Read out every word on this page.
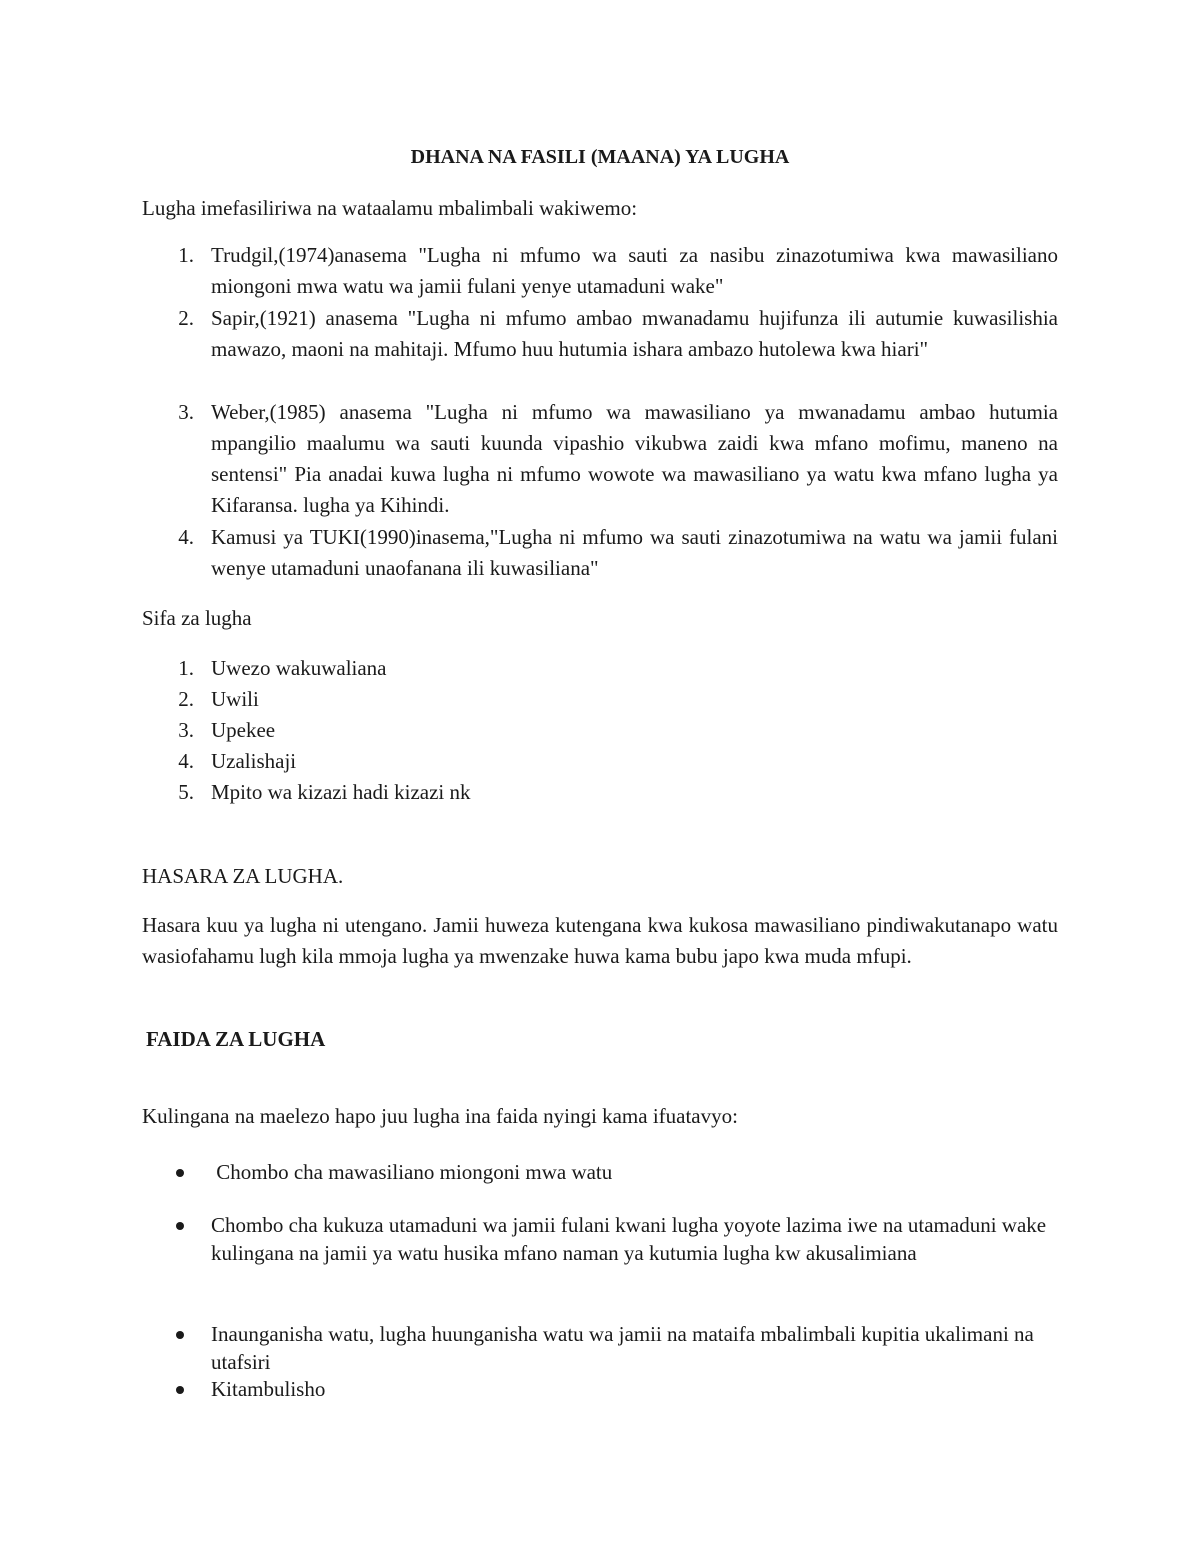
DHANA NA FASILI (MAANA) YA LUGHA

Lugha imefasiliriwa na wataalamu mbalimbali wakiwemo:

1. Trudgil,(1974)anasema "Lugha ni mfumo wa sauti za nasibu zinazotumiwa kwa mawasiliano miongoni mwa watu wa jamii fulani yenye utamaduni wake"
2. Sapir,(1921) anasema "Lugha ni mfumo ambao mwanadamu hujifunza ili autumie kuwasilishia mawazo, maoni na mahitaji. Mfumo huu hutumia ishara ambazo hutolewa kwa hiari"
3. Weber,(1985) anasema "Lugha ni mfumo wa mawasiliano ya mwanadamu ambao hutumia mpangilio maalumu wa sauti kuunda vipashio vikubwa zaidi kwa mfano mofimu, maneno na sentensi" Pia anadai kuwa lugha ni mfumo wowote wa mawasiliano ya watu kwa mfano lugha ya Kifaransa. lugha ya Kihindi.
4. Kamusi ya TUKI(1990)inasema,"Lugha ni mfumo wa sauti zinazotumiwa na watu wa jamii fulani wenye utamaduni unaofanana ili kuwasiliana"

Sifa za lugha

1. Uwezo wakuwaliana
2. Uwili
3. Upekee
4. Uzalishaji
5. Mpito wa kizazi hadi kizazi nk

HASARA ZA LUGHA.

Hasara kuu ya lugha ni utengano. Jamii huweza kutengana kwa kukosa mawasiliano pindiwakutanapo watu wasiofahamu lugh kila mmoja lugha ya mwenzake huwa kama bubu japo kwa muda mfupi.

FAIDA ZA LUGHA

Kulingana na maelezo hapo juu lugha ina faida nyingi kama ifuatavyo:

Chombo cha mawasiliano miongoni mwa watu
Chombo cha kukuza utamaduni wa jamii fulani kwani lugha yoyote lazima iwe na utamaduni wake kulingana na jamii ya watu husika mfano naman ya kutumia lugha kw akusalimiana
Inaunganisha watu, lugha huunganisha watu wa jamii na mataifa mbalimbali kupitia ukalimani na utafsiri
Kitambulisho
